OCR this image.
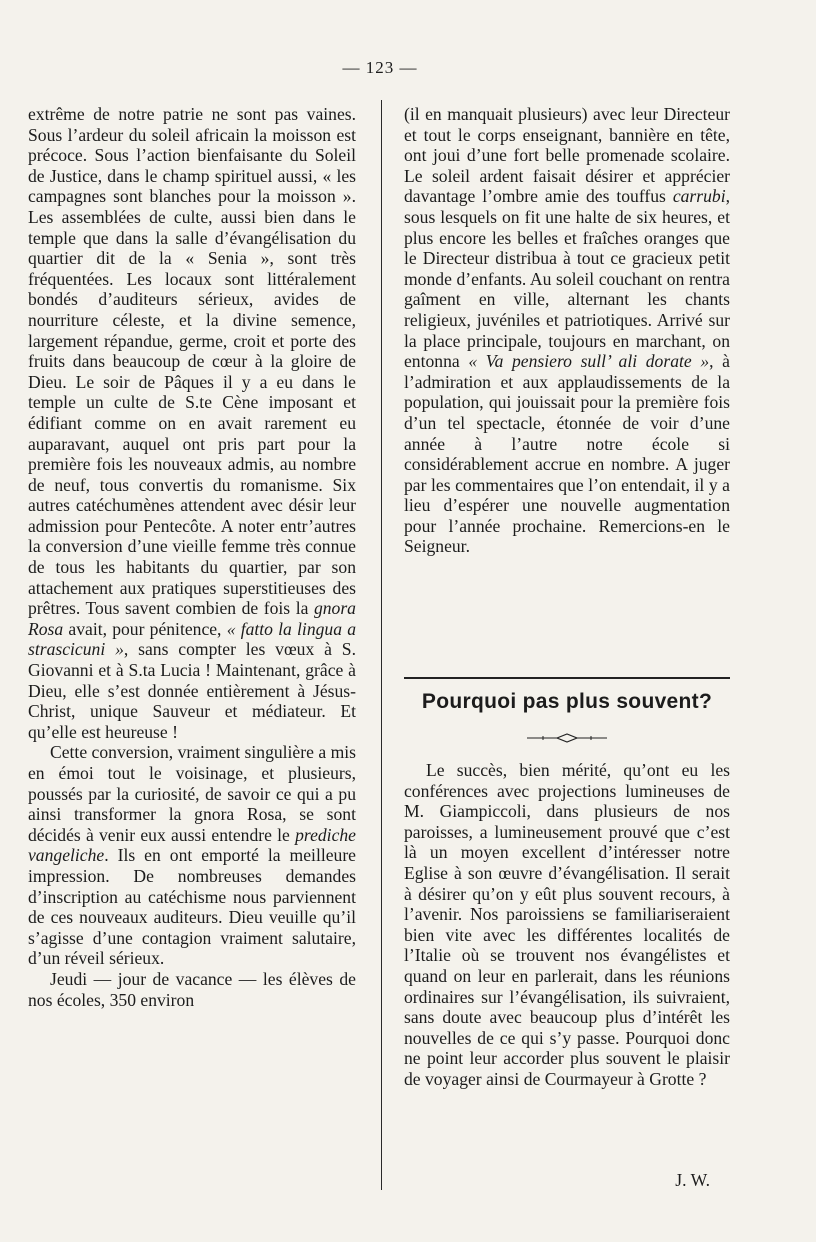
— 123 —

extrême de notre patrie ne sont pas vaines. Sous l’ardeur du soleil africain la moisson est précoce. Sous l’action bienfaisante du Soleil de Justice, dans le champ spirituel aussi, « les campagnes sont blanches pour la moisson ». Les assemblées de culte, aussi bien dans le temple que dans la salle d’évangélisation du quartier dit de la « Senia », sont très fréquentées. Les locaux sont littéralement bondés d’auditeurs sérieux, avides de nourriture céleste, et la divine semence, largement répandue, germe, croit et porte des fruits dans beaucoup de cœur à la gloire de Dieu. Le soir de Pâques il y a eu dans le temple un culte de S.te Cène imposant et édifiant comme on en avait rarement eu auparavant, auquel ont pris part pour la première fois les nouveaux admis, au nombre de neuf, tous convertis du romanisme. Six autres catéchumènes attendent avec désir leur admission pour Pentecôte. A noter entr’autres la conversion d’une vieille femme très connue de tous les habitants du quartier, par son attachement aux pratiques superstitieuses des prêtres. Tous savent combien de fois la gnora Rosa avait, pour pénitence, « fatto la lingua a strascicuni », sans compter les vœux à S. Giovanni et à S.ta Lucia ! Maintenant, grâce à Dieu, elle s’est donnée entièrement à Jésus-Christ, unique Sauveur et médiateur. Et qu’elle est heureuse !

Cette conversion, vraiment singulière a mis en émoi tout le voisinage, et plusieurs, poussés par la curiosité, de savoir ce qui a pu ainsi transformer la gnora Rosa, se sont décidés à venir eux aussi entendre le prediche vangeliche. Ils en ont emporté la meilleure impression. De nombreuses demandes d’inscription au catéchisme nous parviennent de ces nouveaux auditeurs. Dieu veuille qu’il s’agisse d’une contagion vraiment salutaire, d’un réveil sérieux.

Jeudi — jour de vacance — les élèves de nos écoles, 350 environ

(il en manquait plusieurs) avec leur Directeur et tout le corps enseignant, bannière en tête, ont joui d’une fort belle promenade scolaire. Le soleil ardent faisait désirer et apprécier davantage l’ombre amie des touffus carrubi, sous lesquels on fit une halte de six heures, et plus encore les belles et fraîches oranges que le Directeur distribua à tout ce gracieux petit monde d’enfants. Au soleil couchant on rentra gaîment en ville, alternant les chants religieux, juvéniles et patriotiques. Arrivé sur la place principale, toujours en marchant, on entonna « Va pensiero sull’ ali dorate », à l’admiration et aux applaudissements de la population, qui jouissait pour la première fois d’un tel spectacle, étonnée de voir d’une année à l’autre notre école si considérablement accrue en nombre. A juger par les commentaires que l’on entendait, il y a lieu d’espérer une nouvelle augmentation pour l’année prochaine. Remercions-en le Seigneur.

Pourquoi pas plus souvent?

Le succès, bien mérité, qu’ont eu les conférences avec projections lumineuses de M. Giampiccoli, dans plusieurs de nos paroisses, a lumineusement prouvé que c’est là un moyen excellent d’intéresser notre Eglise à son œuvre d’évangélisation. Il serait à désirer qu’on y eût plus souvent recours, à l’avenir. Nos paroissiens se familiariseraient bien vite avec les différentes localités de l’Italie où se trouvent nos évangélistes et quand on leur en parlerait, dans les réunions ordinaires sur l’évangélisation, ils suivraient, sans doute avec beaucoup plus d’intérêt les nouvelles de ce qui s’y passe. Pourquoi donc ne point leur accorder plus souvent le plaisir de voyager ainsi de Courmayeur à Grotte ?

J. W.
